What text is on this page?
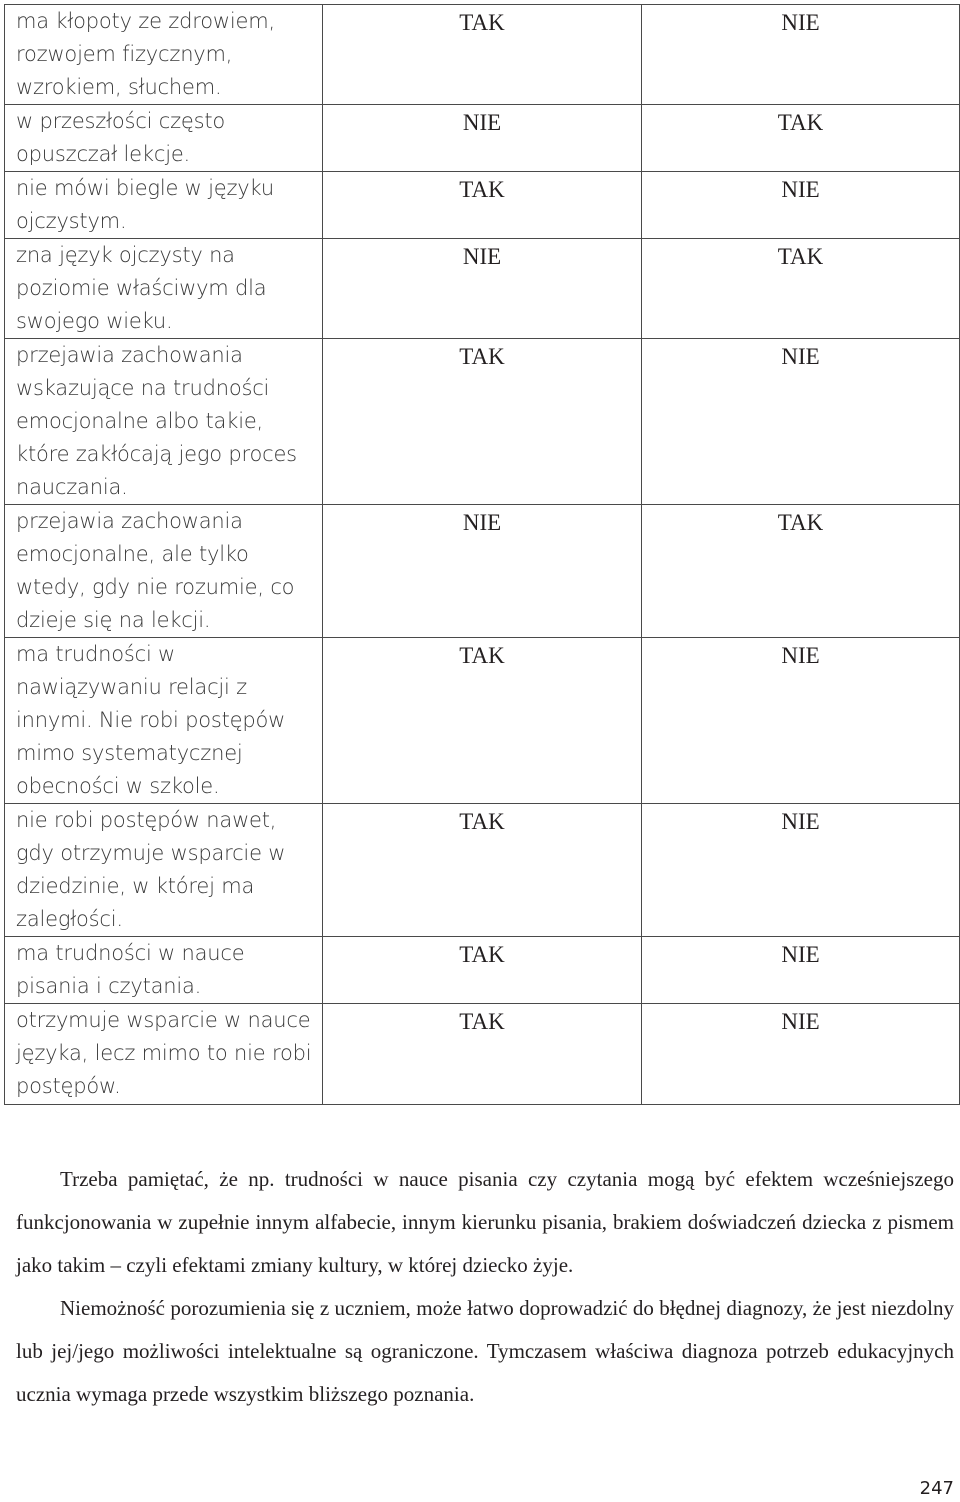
ma kłopoty ze zdrowiem, rozwojem fizycznym, wzrokiem, słuchem.	TAK	NIE
w przeszłości często opuszczał lekcje.	NIE	TAK
nie mówi biegle w języku ojczystym.	TAK	NIE
zna język ojczysty na poziomie właściwym dla swojego wieku.	NIE	TAK
przejawia zachowania wskazujące na trudności emocjonalne albo takie, które zakłócają jego proces nauczania.	TAK	NIE
przejawia zachowania emocjonalne, ale tylko wtedy, gdy nie rozumie, co dzieje się na lekcji.	NIE	TAK
ma trudności w nawiązywaniu relacji z innymi. Nie robi postępów mimo systematycznej obecności w szkole.	TAK	NIE
nie robi postępów nawet, gdy otrzymuje wsparcie w dziedzinie, w której ma zaległości.	TAK	NIE
ma trudności w nauce pisania i czytania.	TAK	NIE
otrzymuje wsparcie w nauce języka, lecz mimo to nie robi postępów.	TAK	NIE

Trzeba pamiętać, że np. trudności w nauce pisania czy czytania mogą być efektem wcześniejszego funkcjonowania w zupełnie innym alfabecie, innym kierunku pisania, brakiem doświadczeń dziecka z pismem jako takim – czyli efektami zmiany kultury, w której dziecko żyje.

Niemożność porozumienia się z uczniem, może łatwo doprowadzić do błędnej diagnozy, że jest niezdolny lub jej/jego możliwości intelektualne są ograniczone. Tymczasem właściwa diagnoza potrzeb edukacyjnych ucznia wymaga przede wszystkim bliższego poznania.

247
